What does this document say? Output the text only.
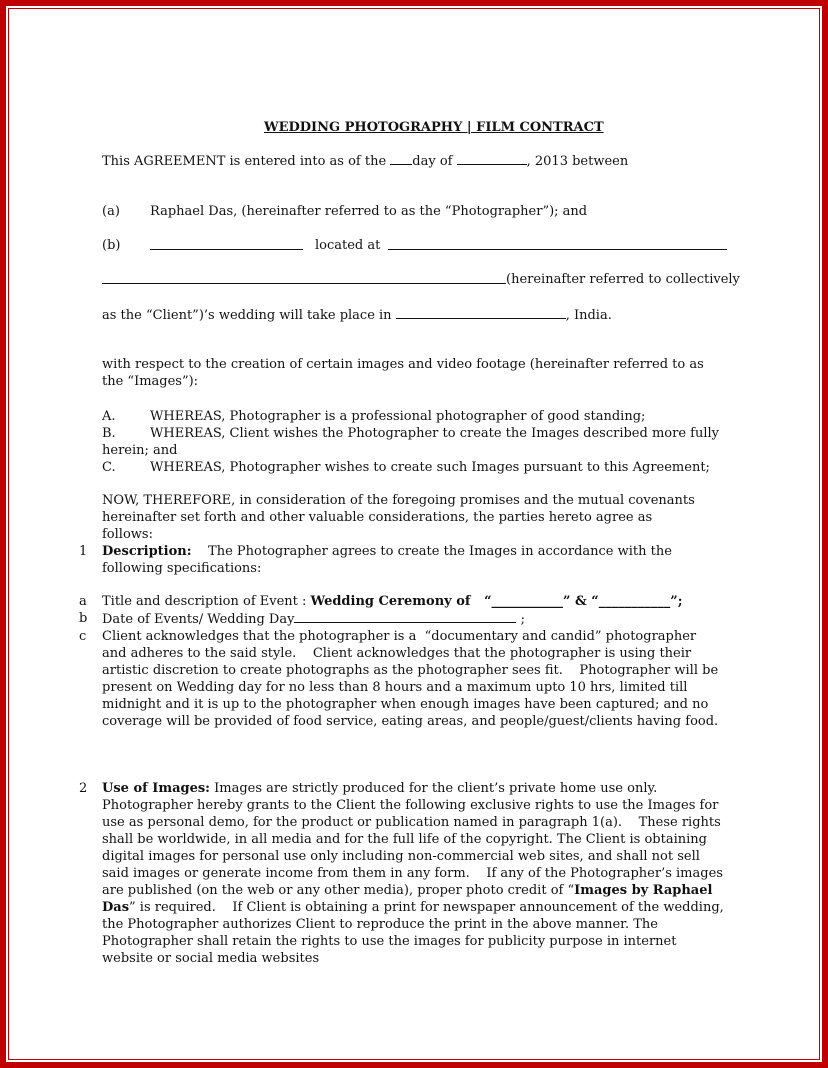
WEDDING PHOTOGRAPHY | FILM CONTRACT
This AGREEMENT is entered into as of the day of	, 2013 between
(a) Raphael Das, (hereinafter referred to as the “Photographer”); and
(b)	located at
(hereinafter referred to collectively
as the “Client”)’s wedding will take place in	, India.
with respect to the creation of certain images and video footage (hereinafter referred to as the “Images”):
A.	WHEREAS, Photographer is a professional photographer of good standing;
B.	WHEREAS, Client wishes the Photographer to create the Images described more fully
herein; and
C.	WHEREAS, Photographer wishes to create such Images pursuant to this Agreement;
NOW, THEREFORE, in consideration of the foregoing promises and the mutual covenants hereinafter set forth and other valuable considerations, the parties hereto agree as follows:
1 Description:    The Photographer agrees to create the Images in accordance with the following specifications:
a Title and description of Event : Wedding Ceremony of   “___________” & “___________”;
b Date of Events/ Wedding Day	;
c Client acknowledges that the photographer is a  “documentary and candid” photographer and adheres to the said style.    Client acknowledges that the photographer is using their artistic discretion to create photographs as the photographer sees fit.    Photographer will be present on Wedding day for no less than 8 hours and a maximum upto 10 hrs, limited till midnight and it is up to the photographer when enough images have been captured; and no coverage will be provided of food service, eating areas, and people/guest/clients having food.
2 Use of Images: Images are strictly produced for the client’s private home use only.    Photographer hereby grants to the Client the following exclusive rights to use the Images for use as personal demo, for the product or publication named in paragraph 1(a).    These rights shall be worldwide, in all media and for the full life of the copyright. The Client is obtaining digital images for personal use only including non-commercial web sites, and shall not sell said images or generate income from them in any form.    If any of the Photographer’s images are published (on the web or any other media), proper photo credit of “Images by Raphael Das” is required.    If Client is obtaining a print for newspaper announcement of the wedding, the Photographer authorizes Client to reproduce the print in the above manner. The Photographer shall retain the rights to use the images for publicity purpose in internet website or social media websites
